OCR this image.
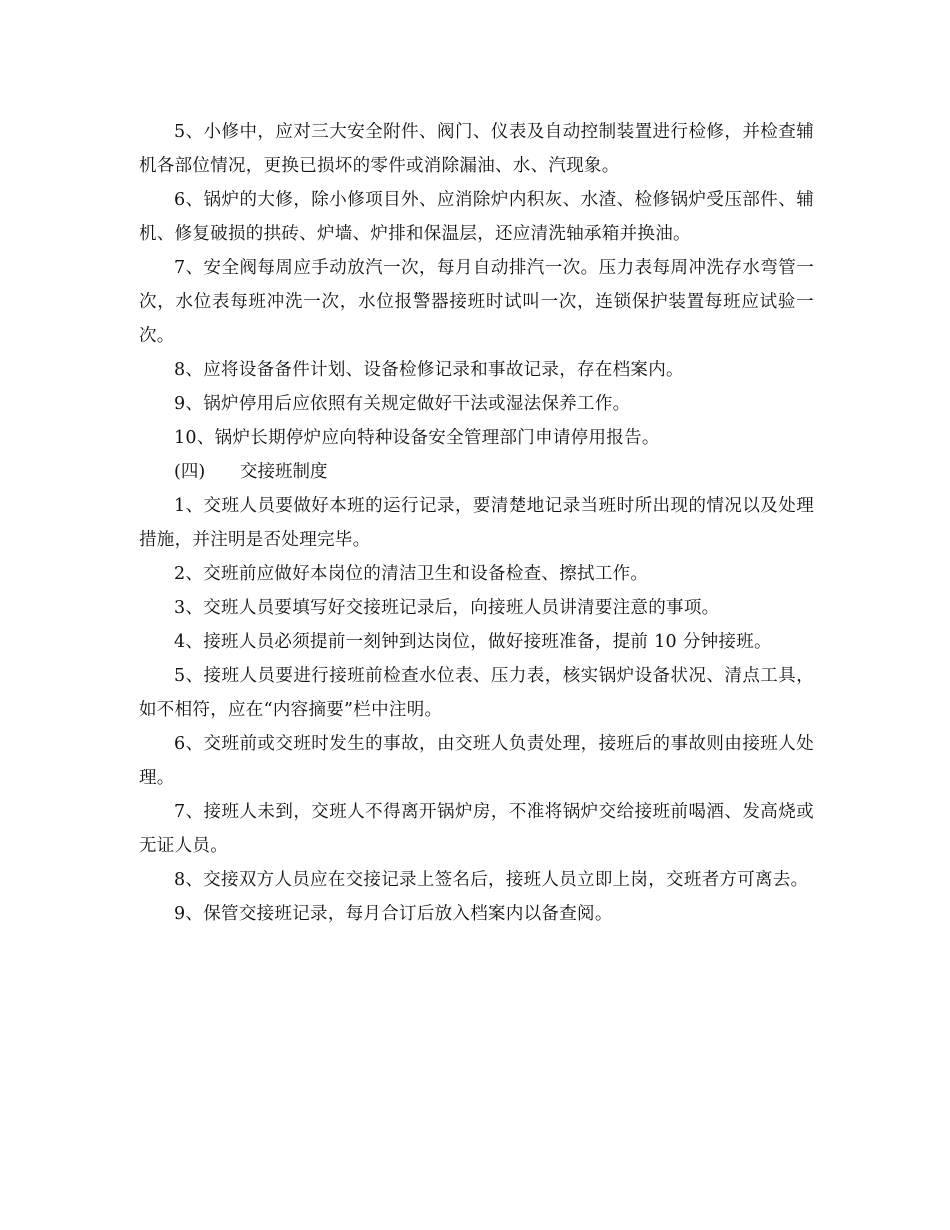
5、小修中，应对三大安全附件、阀门、仪表及自动控制装置进行检修，并检查辅机各部位情况，更换已损坏的零件或消除漏油、水、汽现象。

6、锅炉的大修，除小修项目外、应消除炉内积灰、水渣、检修锅炉受压部件、辅机、修复破损的拱砖、炉墙、炉排和保温层，还应清洗轴承箱并换油。

7、安全阀每周应手动放汽一次，每月自动排汽一次。压力表每周冲洗存水弯管一次，水位表每班冲洗一次，水位报警器接班时试叫一次，连锁保护装置每班应试验一次。

8、应将设备备件计划、设备检修记录和事故记录，存在档案内。

9、锅炉停用后应依照有关规定做好干法或湿法保养工作。

10、锅炉长期停炉应向特种设备安全管理部门申请停用报告。

(四) 交接班制度

1、交班人员要做好本班的运行记录，要清楚地记录当班时所出现的情况以及处理措施，并注明是否处理完毕。

2、交班前应做好本岗位的清洁卫生和设备检查、擦拭工作。

3、交班人员要填写好交接班记录后，向接班人员讲清要注意的事项。

4、接班人员必须提前一刻钟到达岗位，做好接班准备，提前 10 分钟接班。

5、接班人员要进行接班前检查水位表、压力表，核实锅炉设备状况、清点工具，如不相符，应在“内容摘要”栏中注明。

6、交班前或交班时发生的事故，由交班人负责处理，接班后的事故则由接班人处理。

7、接班人未到，交班人不得离开锅炉房，不准将锅炉交给接班前喝酒、发高烧或无证人员。

8、交接双方人员应在交接记录上签名后，接班人员立即上岗，交班者方可离去。

9、保管交接班记录，每月合订后放入档案内以备查阅。
